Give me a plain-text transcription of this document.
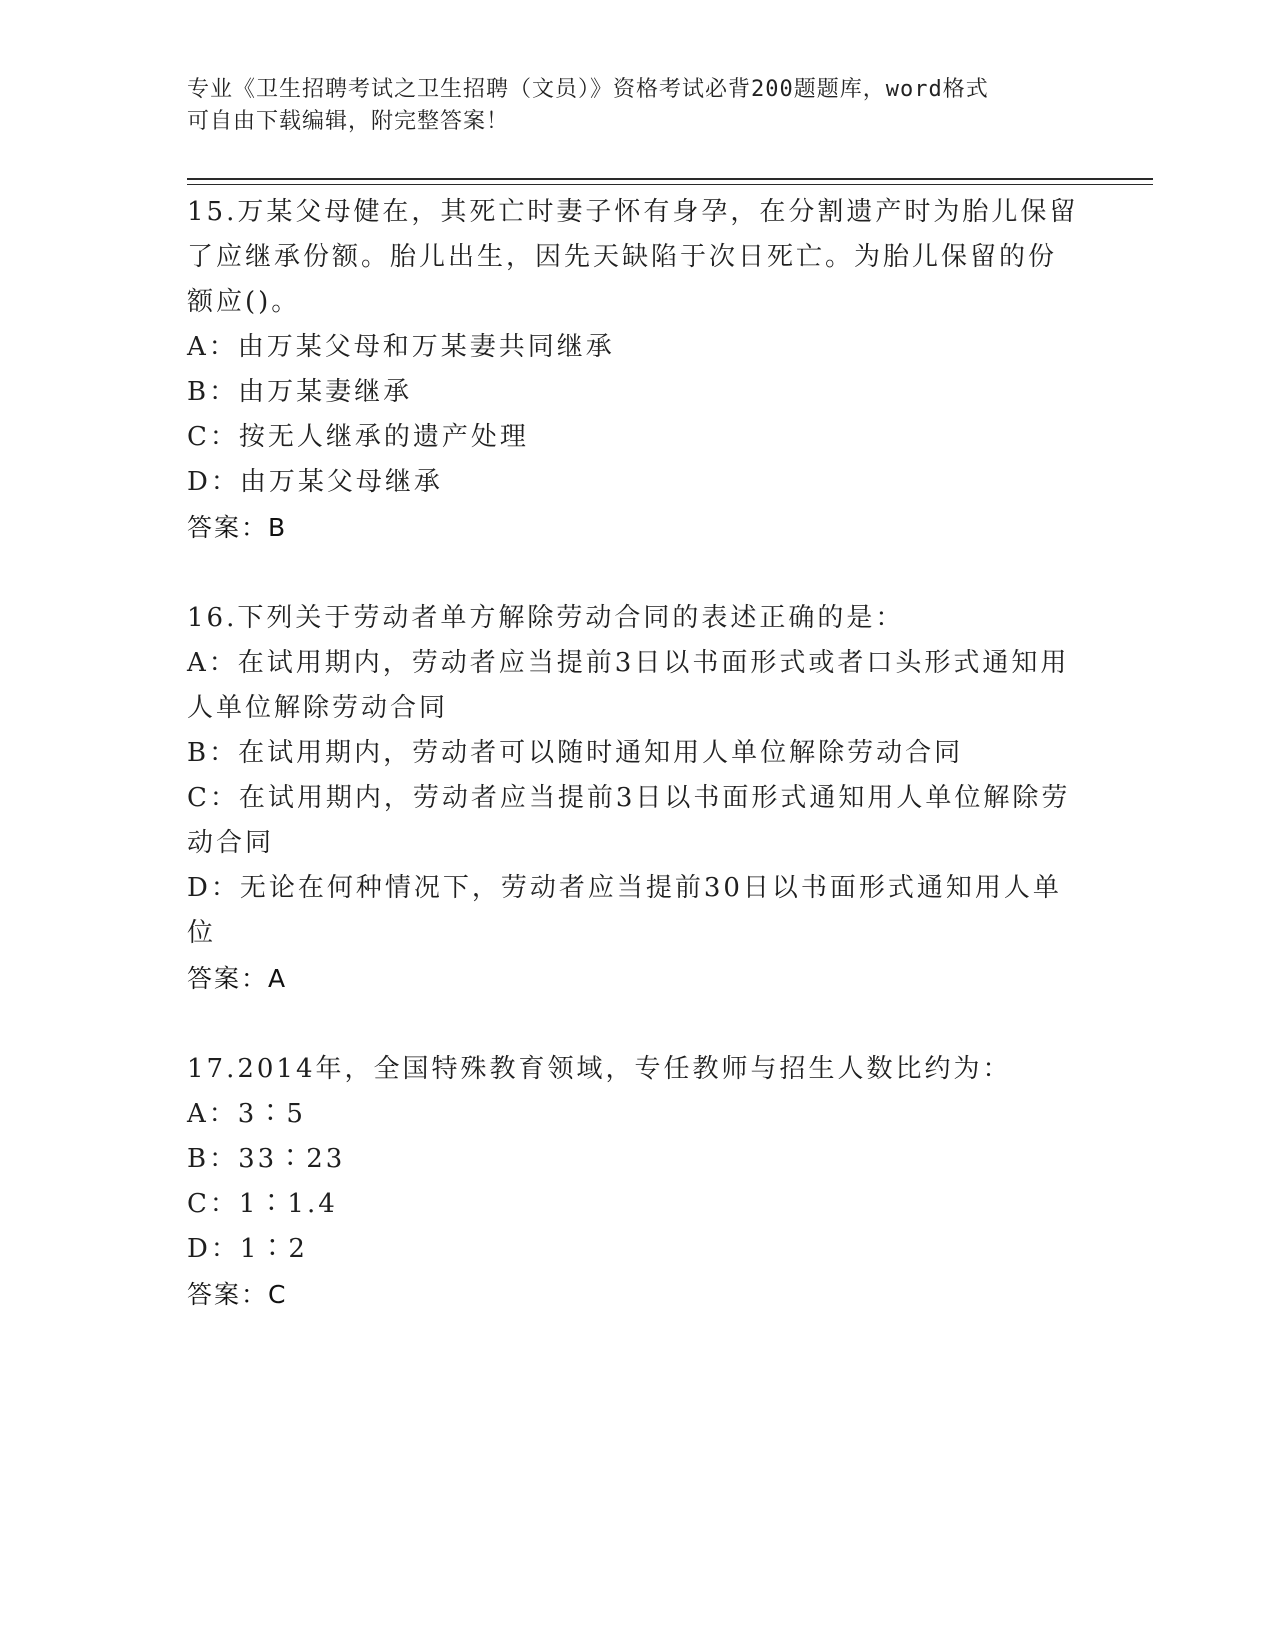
专业《卫生招聘考试之卫生招聘（文员）》资格考试必背200题题库，word格式
可自由下载编辑，附完整答案！
15.万某父母健在，其死亡时妻子怀有身孕，在分割遗产时为胎儿保留
了应继承份额。胎儿出生，因先天缺陷于次日死亡。为胎儿保留的份
额应()。
A：由万某父母和万某妻共同继承
B：由万某妻继承
C：按无人继承的遗产处理
D：由万某父母继承
答案：B
16.下列关于劳动者单方解除劳动合同的表述正确的是：
A：在试用期内，劳动者应当提前3日以书面形式或者口头形式通知用
人单位解除劳动合同
B：在试用期内，劳动者可以随时通知用人单位解除劳动合同
C：在试用期内，劳动者应当提前3日以书面形式通知用人单位解除劳
动合同
D：无论在何种情况下，劳动者应当提前30日以书面形式通知用人单
位
答案：A
17.2014年，全国特殊教育领域，专任教师与招生人数比约为：
A：3∶5
B：33∶23
C：1∶1.4
D：1∶2
答案：C
